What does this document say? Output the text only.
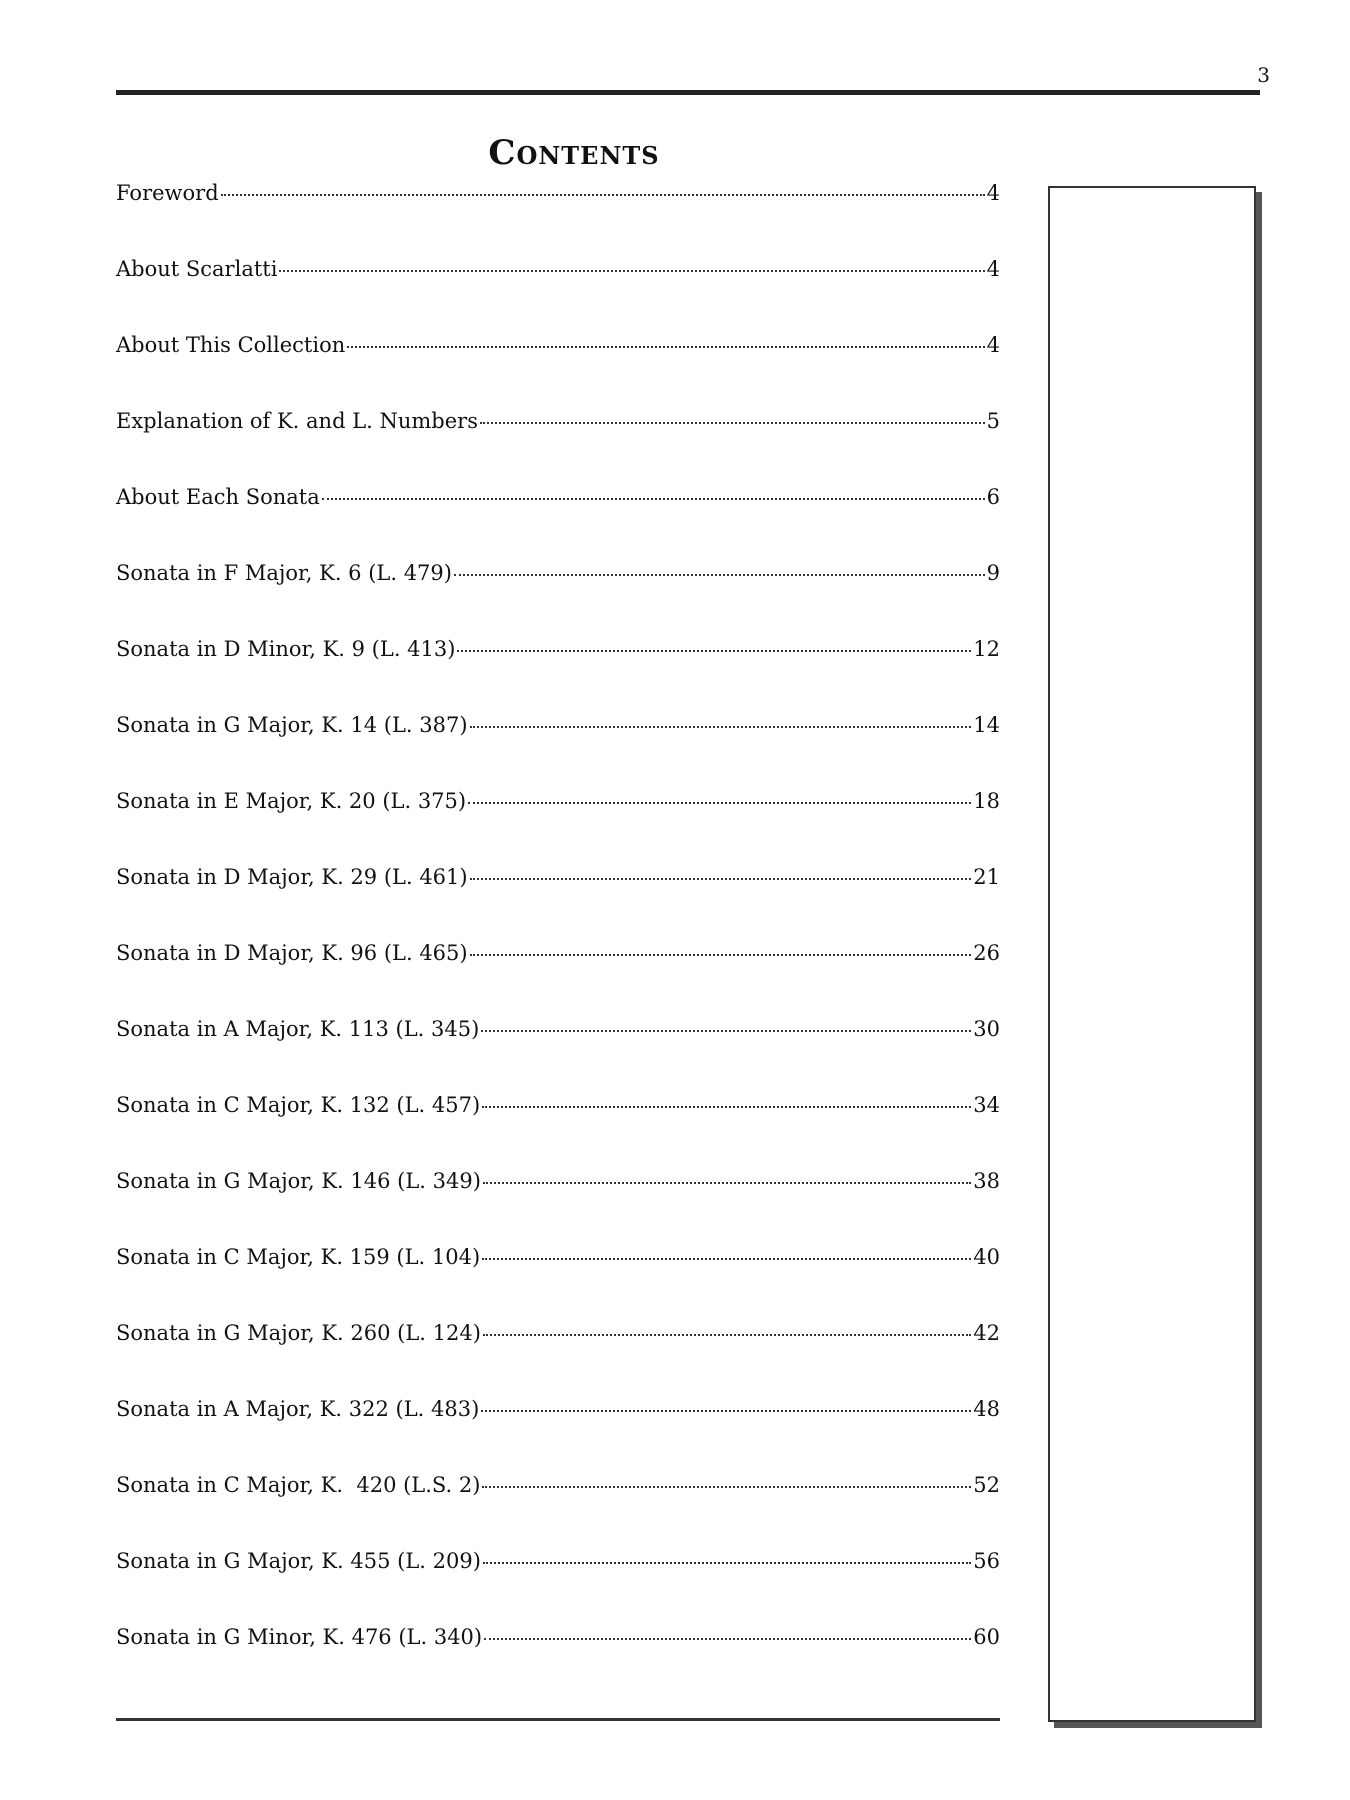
3
Contents
Foreword	4
About Scarlatti	4
About This Collection	4
Explanation of K. and L. Numbers	5
About Each Sonata	6
Sonata in F Major, K. 6 (L. 479)	9
Sonata in D Minor, K. 9 (L. 413)	12
Sonata in G Major, K. 14 (L. 387)	14
Sonata in E Major, K. 20 (L. 375)	18
Sonata in D Major, K. 29 (L. 461)	21
Sonata in D Major, K. 96 (L. 465)	26
Sonata in A Major, K. 113 (L. 345)	30
Sonata in C Major, K. 132 (L. 457)	34
Sonata in G Major, K. 146 (L. 349)	38
Sonata in C Major, K. 159 (L. 104)	40
Sonata in G Major, K. 260 (L. 124)	42
Sonata in A Major, K. 322 (L. 483)	48
Sonata in C Major, K.  420 (L.S. 2)	52
Sonata in G Major, K. 455 (L. 209)	56
Sonata in G Minor, K. 476 (L. 340)	60
